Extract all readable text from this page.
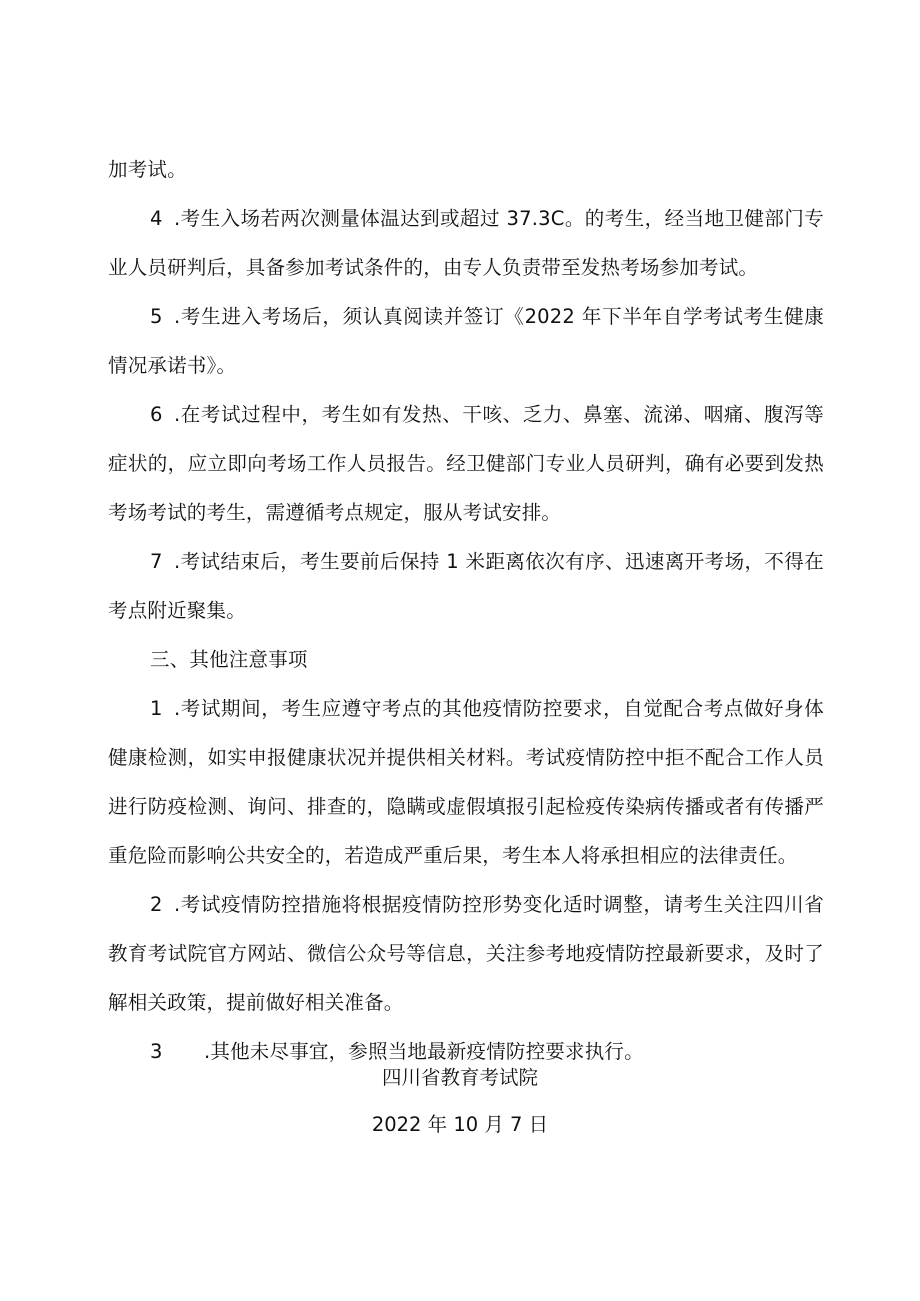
加考试。

4 .考生入场若两次测量体温达到或超过 37.3C。的考生，经当地卫健部门专业人员研判后，具备参加考试条件的，由专人负责带至发热考场参加考试。

5 .考生进入考场后，须认真阅读并签订《2022 年下半年自学考试考生健康情况承诺书》。

6 .在考试过程中，考生如有发热、干咳、乏力、鼻塞、流涕、咽痛、腹泻等症状的，应立即向考场工作人员报告。经卫健部门专业人员研判，确有必要到发热考场考试的考生，需遵循考点规定，服从考试安排。

7 .考试结束后，考生要前后保持 1 米距离依次有序、迅速离开考场，不得在考点附近聚集。

三、其他注意事项

1 .考试期间，考生应遵守考点的其他疫情防控要求，自觉配合考点做好身体健康检测，如实申报健康状况并提供相关材料。考试疫情防控中拒不配合工作人员进行防疫检测、询问、排查的，隐瞒或虚假填报引起检疫传染病传播或者有传播严重危险而影响公共安全的，若造成严重后果，考生本人将承担相应的法律责任。

2 .考试疫情防控措施将根据疫情防控形势变化适时调整，请考生关注四川省教育考试院官方网站、微信公众号等信息，关注参考地疫情防控最新要求，及时了解相关政策，提前做好相关准备。

3 .其他未尽事宜，参照当地最新疫情防控要求执行。

四川省教育考试院
2022 年 10 月 7 日
